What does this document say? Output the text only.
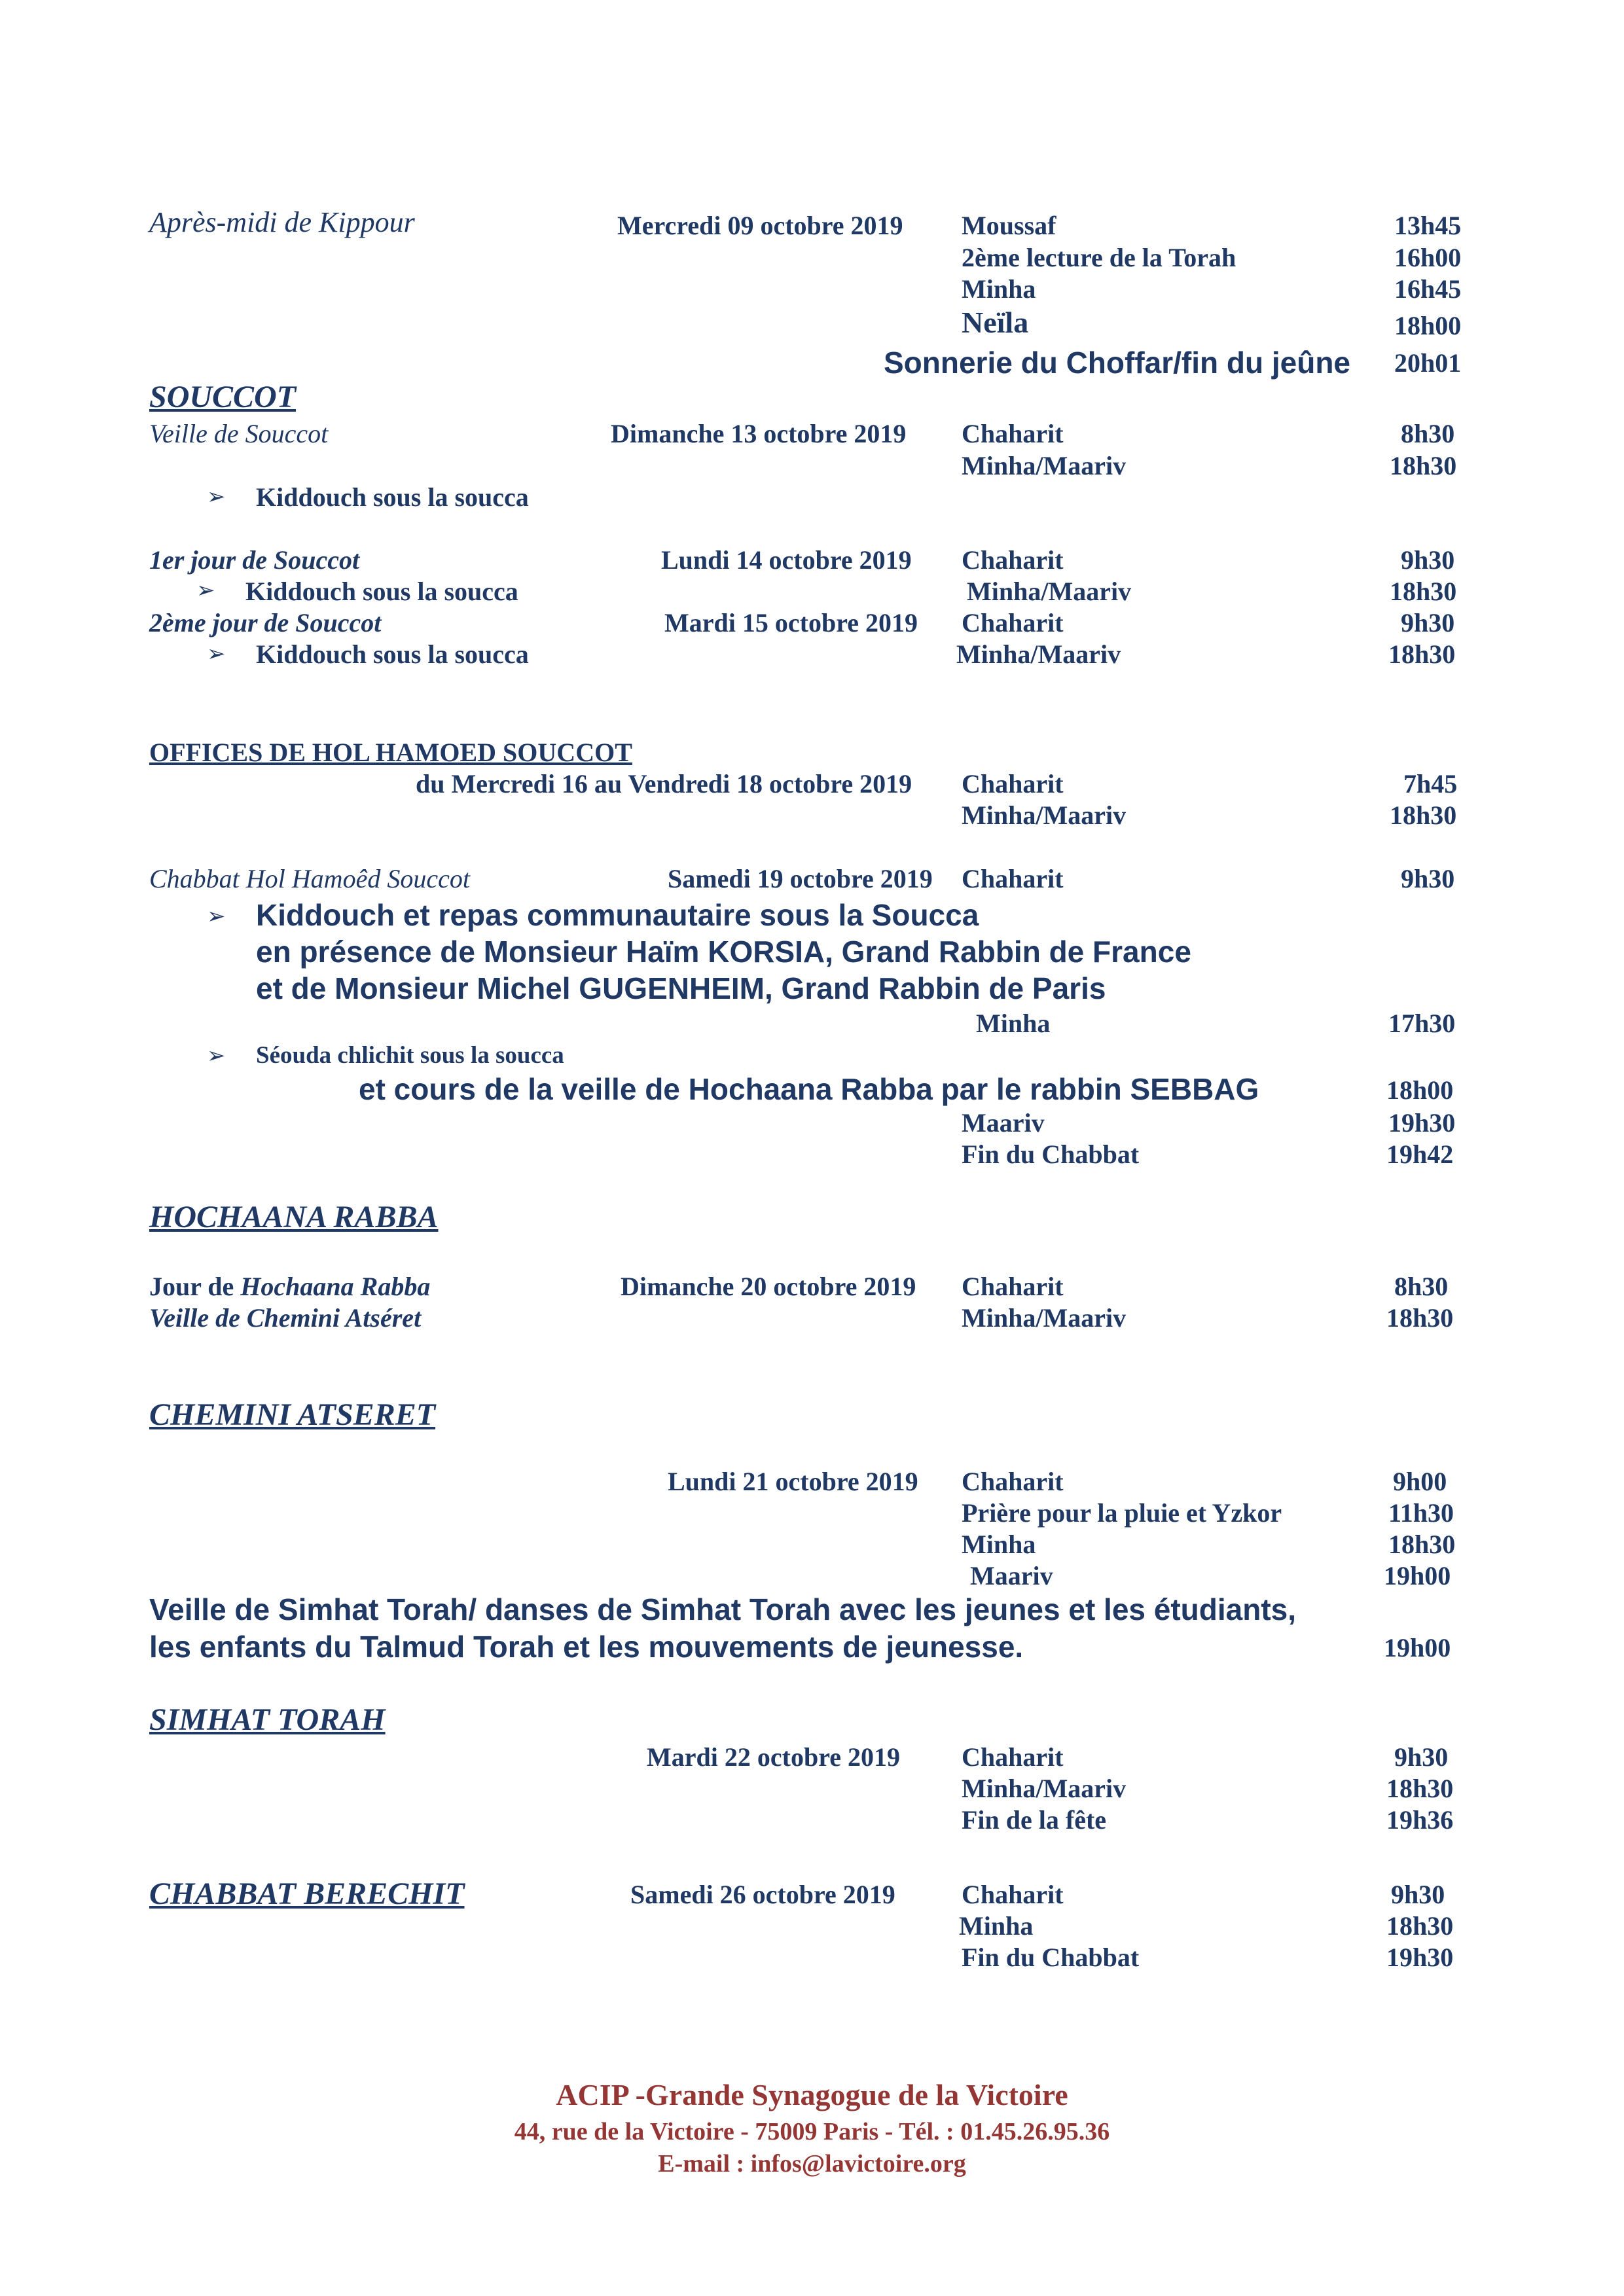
Après-midi de Kippour	Mercredi 09 octobre 2019 Moussaf	13h45
2ème lecture de la Torah	16h00
Minha	16h45
Neïla	18h00
Sonnerie du Choffar/fin du jeûne 20h01
SOUCCOT
Veille de Souccot	Dimanche 13 octobre 2019 Chaharit	8h30
Minha/Maariv	18h30
➢ Kiddouch sous la soucca
1er jour de Souccot	Lundi 14 octobre 2019 Chaharit	9h30
➢ Kiddouch sous la soucca	Minha/Maariv	18h30
2ème jour de Souccot	Mardi 15 octobre 2019 Chaharit	9h30
➢ Kiddouch sous la soucca	Minha/Maariv	18h30
OFFICES DE HOL HAMOED SOUCCOT
du Mercredi 16 au Vendredi 18 octobre 2019 Chaharit	7h45
Minha/Maariv	18h30
Chabbat Hol Hamoêd Souccot	Samedi 19 octobre 2019 Chaharit	9h30
➢ Kiddouch et repas communautaire sous la Soucca
en présence de Monsieur Haïm KORSIA, Grand Rabbin de France
et de Monsieur Michel GUGENHEIM, Grand Rabbin de Paris
Minha	17h30
➢ Séouda chlichit sous la soucca
et cours de la veille de Hochaana Rabba par le rabbin SEBBAG	18h00
Maariv	19h30
Fin du Chabbat	19h42
HOCHAANA RABBA
Jour de Hochaana Rabba	Dimanche 20 octobre 2019 Chaharit	8h30
Veille de Chemini Atséret	Minha/Maariv	18h30
CHEMINI ATSERET
Lundi 21 octobre 2019 Chaharit	9h00
Prière pour la pluie et Yzkor	11h30
Minha	18h30
Maariv	19h00
Veille de Simhat Torah/ danses de Simhat Torah avec les jeunes et les étudiants,
les enfants du Talmud Torah et les mouvements de jeunesse.	19h00
SIMHAT TORAH
Mardi 22 octobre 2019 Chaharit	9h30
Minha/Maariv	18h30
Fin de la fête	19h36
CHABBAT BERECHIT	Samedi 26 octobre 2019	Chaharit	9h30
Minha	18h30
Fin du Chabbat	19h30
ACIP -Grande Synagogue de la Victoire
44, rue de la Victoire - 75009 Paris - Tél. : 01.45.26.95.36
E-mail : infos@lavictoire.org
